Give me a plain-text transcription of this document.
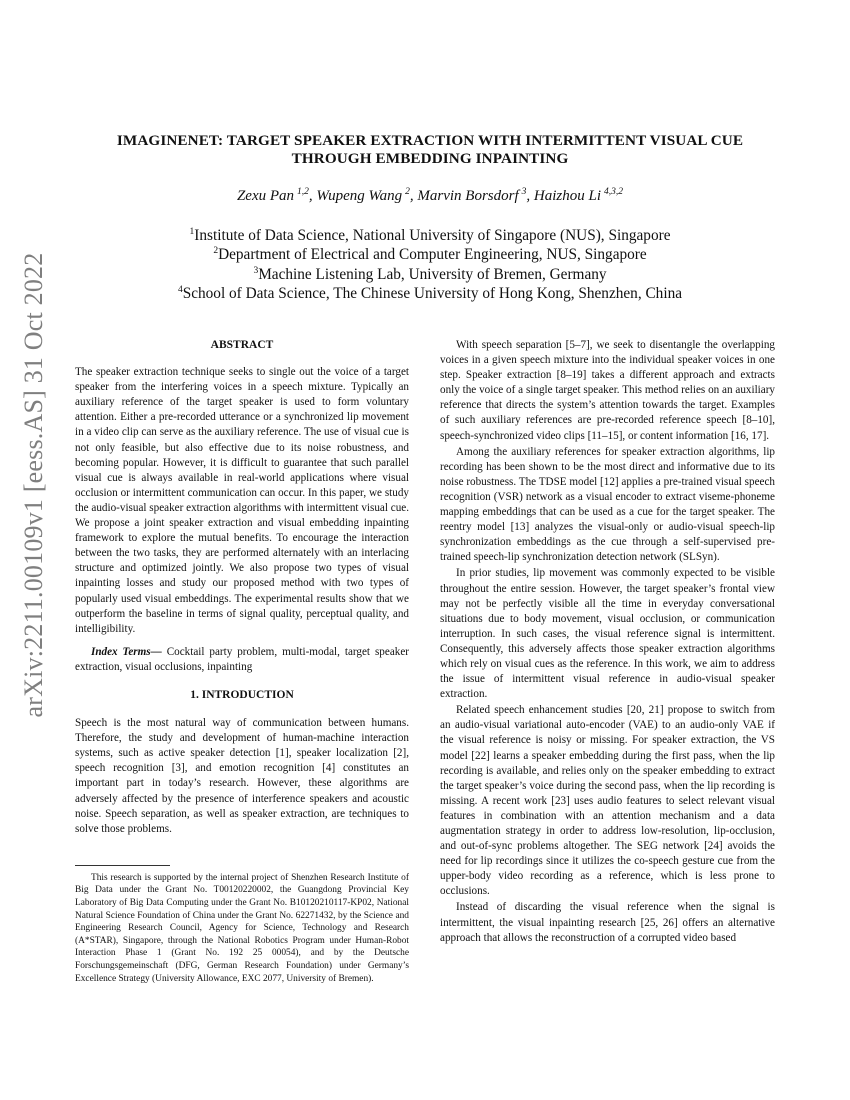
arXiv:2211.00109v1 [eess.AS] 31 Oct 2022
IMAGINENET: TARGET SPEAKER EXTRACTION WITH INTERMITTENT VISUAL CUE
THROUGH EMBEDDING INPAINTING
Zexu Pan  $^{1,2}$, Wupeng Wang  $^2$, Marvin Borsdorf  $^3$, Haizhou Li  $^{4,3,2}$
$^1$Institute of Data Science, National University of Singapore (NUS), Singapore
$^2$Department of Electrical and Computer Engineering, NUS, Singapore
$^3$Machine Listening Lab, University of Bremen, Germany
$^4$School of Data Science, The Chinese University of Hong Kong, Shenzhen, China
ABSTRACT

The speaker extraction technique seeks to single out the voice of a target speaker from the interfering voices in a speech mixture. Typically an auxiliary reference of the target speaker is used to form voluntary attention. Either a pre-recorded utterance or a synchronized lip movement in a video clip can serve as the auxiliary reference. The use of visual cue is not only feasible, but also effective due to its noise robustness, and becoming popular. However, it is difficult to guarantee that such parallel visual cue is always available in real-world applications where visual occlusion or intermittent communication can occur. In this paper, we study the audio-visual speaker extraction algorithms with intermittent visual cue. We propose a joint speaker extraction and visual embedding inpainting framework to explore the mutual benefits. To encourage the interaction between the two tasks, they are performed alternately with an interlacing structure and optimized jointly. We also propose two types of visual inpainting losses and study our proposed method with two types of popularly used visual embeddings. The experimental results show that we outperform the baseline in terms of signal quality, perceptual quality, and intelligibility.

Index Terms— Cocktail party problem, multi-modal, target speaker extraction, visual occlusions, inpainting

1. INTRODUCTION

Speech is the most natural way of communication between humans. Therefore, the study and development of human-machine interaction systems, such as active speaker detection [1], speaker localization [2], speech recognition [3], and emotion recognition [4] constitutes an important part in today’s research. However, these algorithms are adversely affected by the presence of interference speakers and acoustic noise. Speech separation, as well as speaker extraction, are techniques to solve those problems.

This research is supported by the internal project of Shenzhen Research Institute of Big Data under the Grant No. T00120220002, the Guangdong Provincial Key Laboratory of Big Data Computing under the Grant No. B10120210117-KP02, National Natural Science Foundation of China under the Grant No. 62271432, by the Science and Engineering Research Council, Agency for Science, Technology and Research (A*STAR), Singapore, through the National Robotics Program under Human-Robot Interaction Phase 1 (Grant No. 192 25 00054), and by the Deutsche Forschungsgemeinschaft (DFG, German Research Foundation) under Germany’s Excellence Strategy (University Allowance, EXC 2077, University of Bremen).

With speech separation [5–7], we seek to disentangle the overlapping voices in a given speech mixture into the individual speaker voices in one step. Speaker extraction [8–19] takes a different approach and extracts only the voice of a single target speaker. This method relies on an auxiliary reference that directs the system’s attention towards the target. Examples of such auxiliary references are pre-recorded reference speech [8–10], speech-synchronized video clips [11–15], or content information [16, 17].

Among the auxiliary references for speaker extraction algorithms, lip recording has been shown to be the most direct and informative due to its noise robustness. The TDSE model [12] applies a pre-trained visual speech recognition (VSR) network as a visual encoder to extract viseme-phoneme mapping embeddings that can be used as a cue for the target speaker. The reentry model [13] analyzes the visual-only or audio-visual speech-lip synchronization embeddings as the cue through a self-supervised pre-trained speech-lip synchronization detection network (SLSyn).

In prior studies, lip movement was commonly expected to be visible throughout the entire session. However, the target speaker’s frontal view may not be perfectly visible all the time in everyday conversational situations due to body movement, visual occlusion, or communication interruption. In such cases, the visual reference signal is intermittent. Consequently, this adversely affects those speaker extraction algorithms which rely on visual cues as the reference. In this work, we aim to address the issue of intermittent visual reference in audio-visual speaker extraction.

Related speech enhancement studies [20, 21] propose to switch from an audio-visual variational auto-encoder (VAE) to an audio-only VAE if the visual reference is noisy or missing. For speaker extraction, the VS model [22] learns a speaker embedding during the first pass, when the lip recording is available, and relies only on the speaker embedding to extract the target speaker’s voice during the second pass, when the lip recording is missing. A recent work [23] uses audio features to select relevant visual features in combination with an attention mechanism and a data augmentation strategy in order to address low-resolution, lip-occlusion, and out-of-sync problems altogether. The SEG network [24] avoids the need for lip recordings since it utilizes the co-speech gesture cue from the upper-body video recording as a reference, which is less prone to occlusions.

Instead of discarding the visual reference when the signal is intermittent, the visual inpainting research [25, 26] offers an alternative approach that allows the reconstruction of a corrupted video based
